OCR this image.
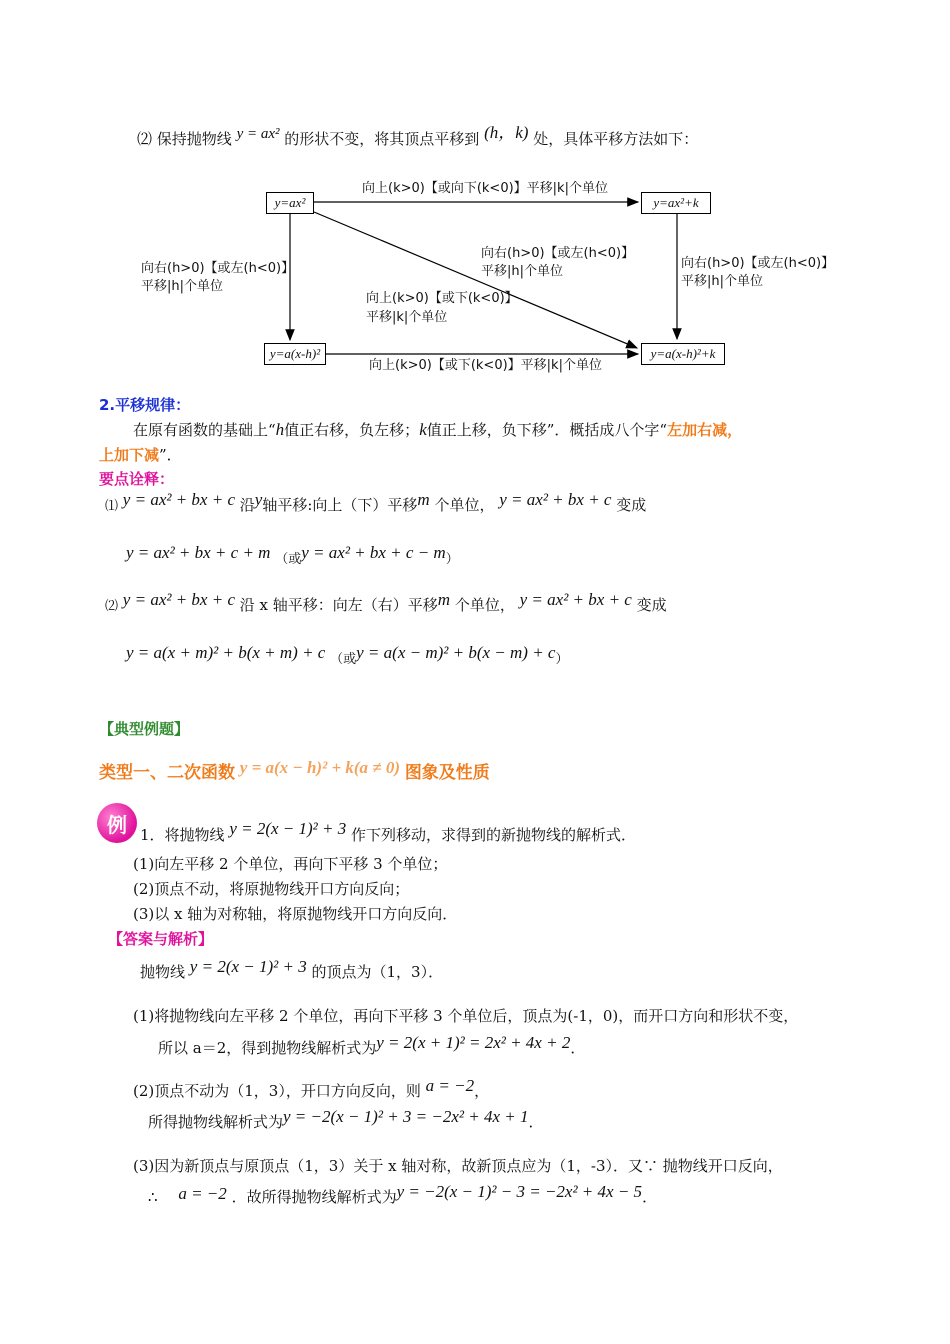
⑵ 保持抛物线 y = ax² 的形状不变，将其顶点平移到 (h，k) 处，具体平移方法如下：
y=ax²	y=ax²+k
y=a(x-h)²	y=a(x-h)²+k
向上(k>0)【或向下(k<0)】平移|k|个单位
向右(h>0)【或左(h<0)】
平移|h|个单位
向右(h>0)【或左(h<0)】
平移|h|个单位
向右(h>0)【或左(h<0)】
平移|h|个单位
向上(k>0)【或下(k<0)】
平移|k|个单位
向上(k>0)【或下(k<0)】平移|k|个单位
2.平移规律：
在原有函数的基础上“h值正右移，负左移；k值正上移，负下移”．概括成八个字“左加右减，
上加下减”．
要点诠释：
⑴ y = ax² + bx + c 沿y轴平移:向上（下）平移m 个单位， y = ax² + bx + c 变成
y = ax² + bx + c + m （或y = ax² + bx + c − m）
⑵ y = ax² + bx + c 沿 x 轴平移：向左（右）平移m 个单位， y = ax² + bx + c 变成
y = a(x + m)² + b(x + m) + c （或y = a(x − m)² + b(x − m) + c）
【典型例题】
类型一、二次函数 y = a(x − h)² + k(a ≠ 0) 图象及性质
例 1．将抛物线 y = 2(x − 1)² + 3 作下列移动，求得到的新抛物线的解析式．
(1)向左平移 2 个单位，再向下平移 3 个单位；
(2)顶点不动，将原抛物线开口方向反向；
(3)以 x 轴为对称轴，将原抛物线开口方向反向．
【答案与解析】
抛物线 y = 2(x − 1)² + 3 的顶点为（1，3）．
(1)将抛物线向左平移 2 个单位，再向下平移 3 个单位后，顶点为(-1，0)，而开口方向和形状不变，
所以 a＝2，得到抛物线解析式为y = 2(x + 1)² = 2x² + 4x + 2．
(2)顶点不动为（1，3），开口方向反向，则 a = −2，
所得抛物线解析式为y = −2(x − 1)² + 3 = −2x² + 4x + 1．
(3)因为新顶点与原顶点（1，3）关于 x 轴对称，故新顶点应为（1，-3）．又∵ 抛物线开口反向，
∴ a = −2 ．故所得抛物线解析式为y = −2(x − 1)² − 3 = −2x² + 4x − 5．
